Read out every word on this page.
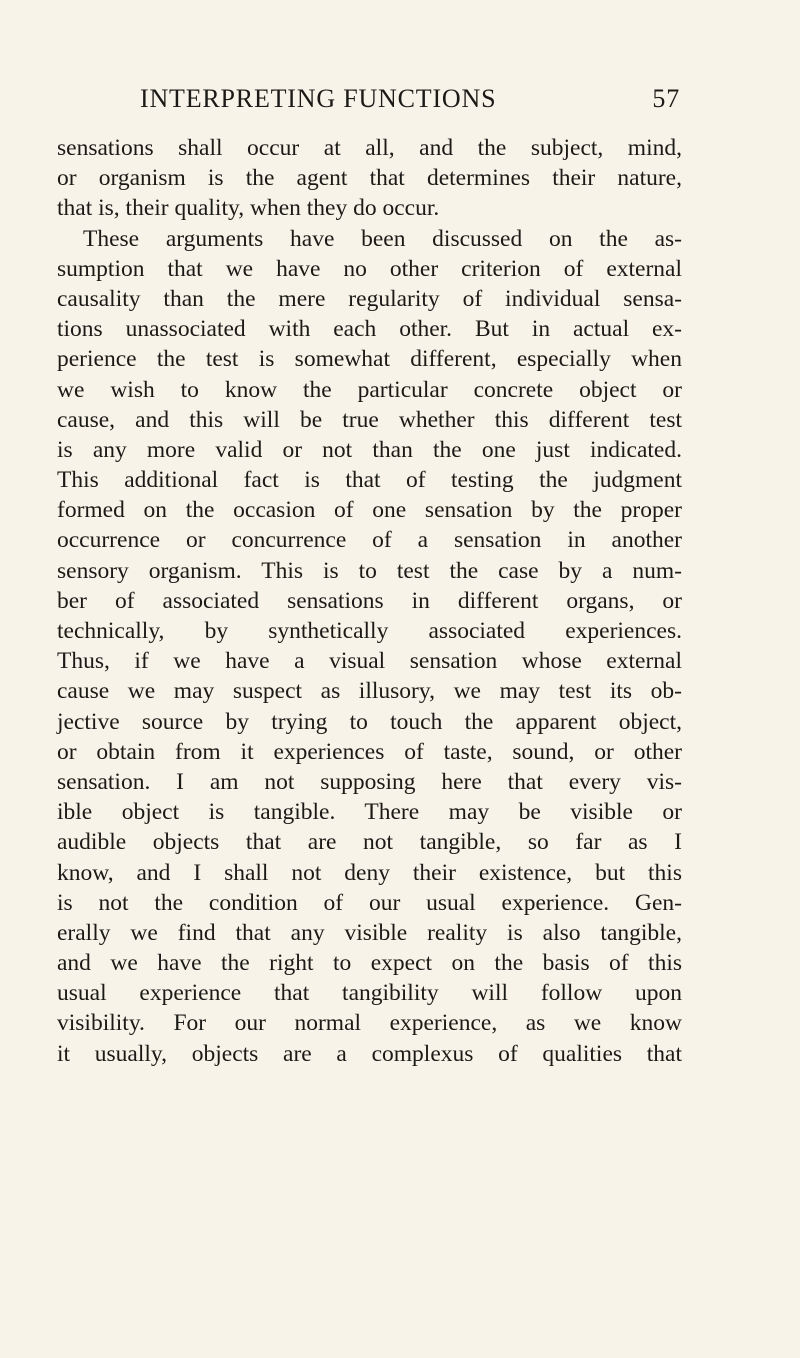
INTERPRETING FUNCTIONS	57
sensations shall occur at all, and the subject, mind,
or organism is the agent that determines their nature,
that is, their quality, when they do occur.
These arguments have been discussed on the as-
sumption that we have no other criterion of external
causality than the mere regularity of individual sensa-
tions unassociated with each other. But in actual ex-
perience the test is somewhat different, especially when
we wish to know the particular concrete object or
cause, and this will be true whether this different test
is any more valid or not than the one just indicated.
This additional fact is that of testing the judgment
formed on the occasion of one sensation by the proper
occurrence or concurrence of a sensation in another
sensory organism. This is to test the case by a num-
ber of associated sensations in different organs, or
technically, by synthetically associated experiences.
Thus, if we have a visual sensation whose external
cause we may suspect as illusory, we may test its ob-
jective source by trying to touch the apparent object,
or obtain from it experiences of taste, sound, or other
sensation. I am not supposing here that every vis-
ible object is tangible. There may be visible or
audible objects that are not tangible, so far as I
know, and I shall not deny their existence, but this
is not the condition of our usual experience. Gen-
erally we find that any visible reality is also tangible,
and we have the right to expect on the basis of this
usual experience that tangibility will follow upon
visibility. For our normal experience, as we know
it usually, objects are a complexus of qualities that
